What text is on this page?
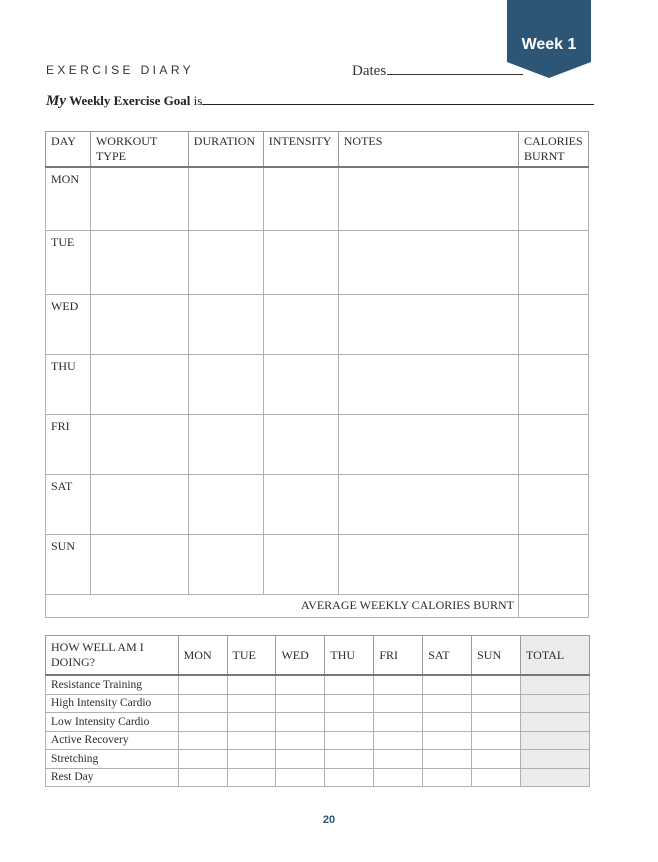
Week 1
EXERCISE DIARY	Dates
My Weekly Exercise Goal is
DAY	WORKOUT TYPE	DURATION	INTENSITY	NOTES	CALORIES BURNT
MON					
TUE					
WED					
THU					
FRI					
SAT					
SUN					
AVERAGE WEEKLY CALORIES BURNT					
HOW WELL AM I DOING?	MON	TUE	WED	THU	FRI	SAT	SUN	TOTAL
Resistance Training								
High Intensity Cardio								
Low Intensity Cardio								
Active Recovery								
Stretching								
Rest Day								
20
